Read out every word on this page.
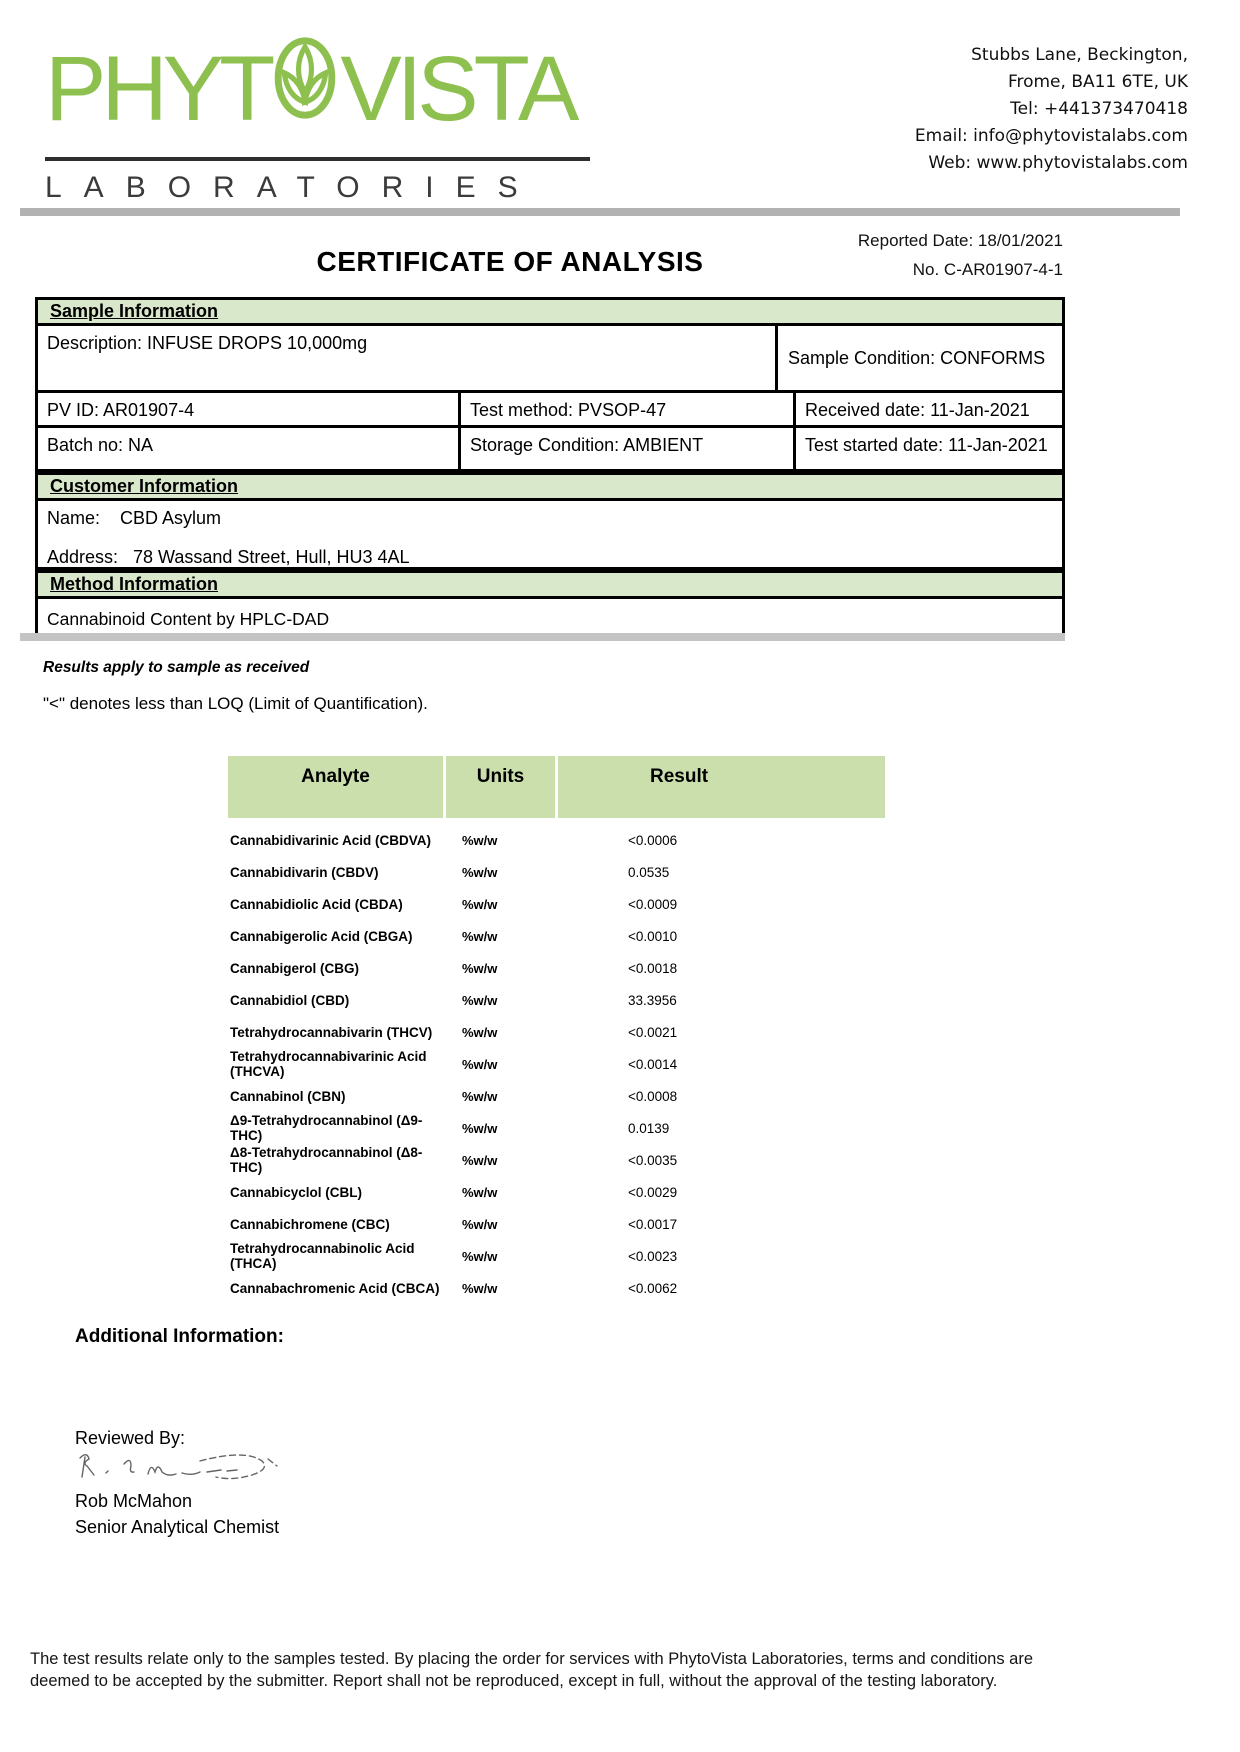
PHYT VISTA
LABORATORIES
Stubbs Lane, Beckington,
Frome, BA11 6TE, UK
Tel: +441373470418
Email: info@phytovistalabs.com
Web: www.phytovistalabs.com
Reported Date: 18/01/2021
No. C-AR01907-4-1
CERTIFICATE OF ANALYSIS
Sample Information
Description: INFUSE DROPS 10,000mg
Sample Condition: CONFORMS
PV ID: AR01907-4	Test method: PVSOP-47	Received date: 11-Jan-2021
Batch no: NA	Storage Condition: AMBIENT	Test started date: 11-Jan-2021
Customer Information
Name:    CBD Asylum
Address:   78 Wassand Street, Hull, HU3 4AL
Method Information
Cannabinoid Content by HPLC-DAD
Results apply to sample as received
"<" denotes less than LOQ (Limit of Quantification).
Analyte	Units	Result
Cannabidivarinic Acid (CBDVA)	%w/w	<0.0006
Cannabidivarin (CBDV)	%w/w	0.0535
Cannabidiolic Acid (CBDA)	%w/w	<0.0009
Cannabigerolic Acid (CBGA)	%w/w	<0.0010
Cannabigerol (CBG)	%w/w	<0.0018
Cannabidiol (CBD)	%w/w	33.3956
Tetrahydrocannabivarin (THCV)	%w/w	<0.0021
Tetrahydrocannabivarinic Acid (THCVA)	%w/w	<0.0014
Cannabinol (CBN)	%w/w	<0.0008
Δ9-Tetrahydrocannabinol (Δ9-THC)	%w/w	0.0139
Δ8-Tetrahydrocannabinol (Δ8-THC)	%w/w	<0.0035
Cannabicyclol (CBL)	%w/w	<0.0029
Cannabichromene (CBC)	%w/w	<0.0017
Tetrahydrocannabinolic Acid (THCA)	%w/w	<0.0023
Cannabachromenic Acid (CBCA)	%w/w	<0.0062
Additional Information:
Reviewed By:
Rob McMahon
Senior Analytical Chemist
The test results relate only to the samples tested. By placing the order for services with PhytoVista Laboratories, terms and conditions are
deemed to be accepted by the submitter. Report shall not be reproduced, except in full, without the approval of the testing laboratory.
